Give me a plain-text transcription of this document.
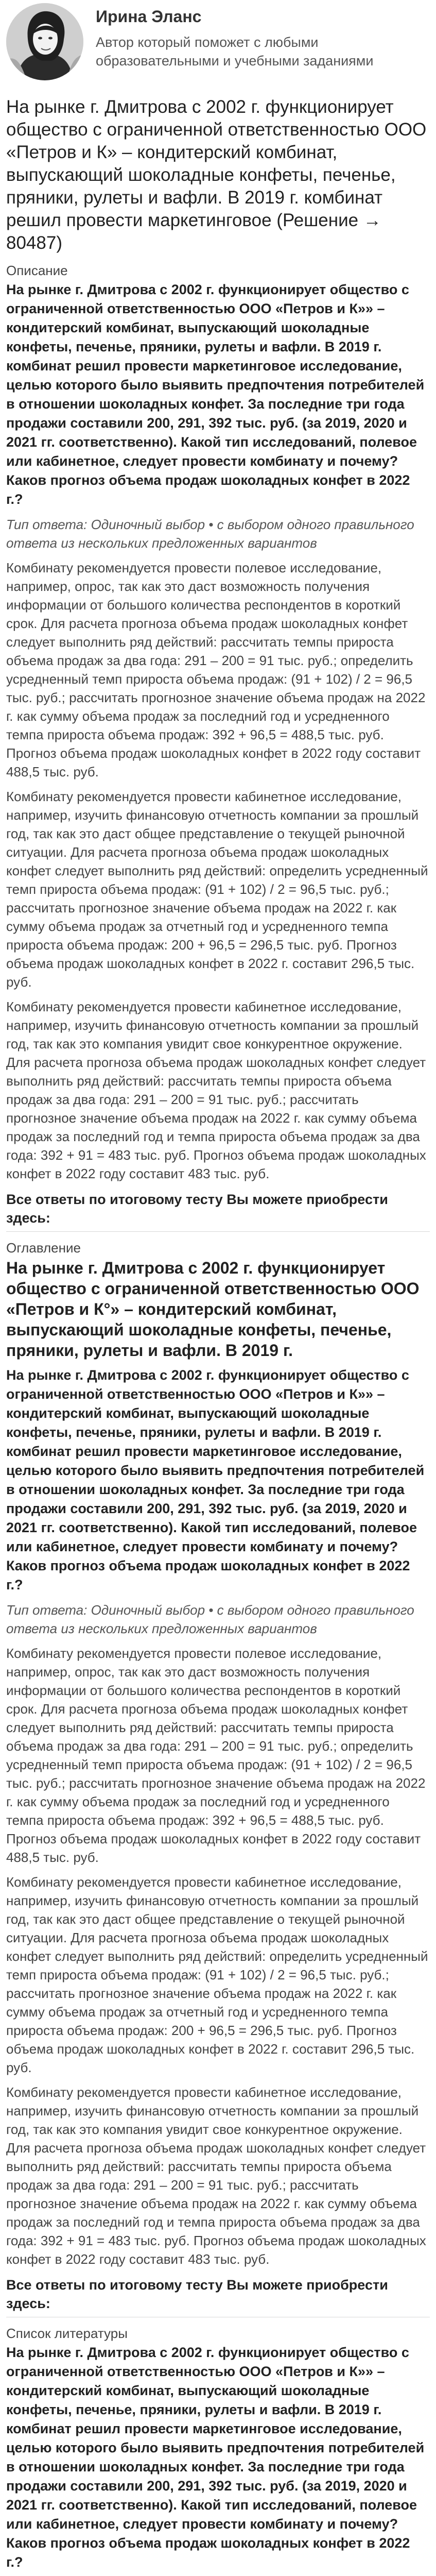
Ирина Эланс
Автор который поможет с любыми образовательными и учебными заданиями
На рынке г. Дмитрова с 2002 г. функционирует общество с ограниченной ответственностью ООО «Петров и К» – кондитерский комбинат, выпускающий шоколадные конфеты, печенье, пряники, рулеты и вафли. В 2019 г. комбинат решил провести маркетинговое (Решение → 80487)
Описание
На рынке г. Дмитрова с 2002 г. функционирует общество с ограниченной ответственностью ООО «Петров и К»» – кондитерский комбинат, выпускающий шоколадные конфеты, печенье, пряники, рулеты и вафли. В 2019 г. комбинат решил провести маркетинговое исследование, целью которого было выявить предпочтения потребителей в отношении шоколадных конфет. За последние три года продажи составили 200, 291, 392 тыс. руб. (за 2019, 2020 и 2021 гг. соответственно). Какой тип исследований, полевое или кабинетное, следует провести комбинату и почему? Каков прогноз объема продаж шоколадных конфет в 2022 г.?
Тип ответа: Одиночный выбор • с выбором одного правильного ответа из нескольких предложенных вариантов
Комбинату рекомендуется провести полевое исследование, например, опрос, так как это даст возможность получения информации от большого количества респондентов в короткий срок. Для расчета прогноза объема продаж шоколадных конфет следует выполнить ряд действий: рассчитать темпы прироста объема продаж за два года: 291 – 200 = 91 тыс. руб.; определить усредненный темп прироста объема продаж: (91 + 102) / 2 = 96,5 тыс. руб.; рассчитать прогнозное значение объема продаж на 2022 г. как сумму объема продаж за последний год и усредненного темпа прироста объема продаж: 392 + 96,5 = 488,5 тыс. руб. Прогноз объема продаж шоколадных конфет в 2022 году составит 488,5 тыс. руб.
Комбинату рекомендуется провести кабинетное исследование, например, изучить финансовую отчетность компании за прошлый год, так как это даст общее представление о текущей рыночной ситуации. Для расчета прогноза объема продаж шоколадных конфет следует выполнить ряд действий: определить усредненный темп прироста объема продаж: (91 + 102) / 2 = 96,5 тыс. руб.; рассчитать прогнозное значение объема продаж на 2022 г. как сумму объема продаж за отчетный год и усредненного темпа прироста объема продаж: 200 + 96,5 = 296,5 тыс. руб. Прогноз объема продаж шоколадных конфет в 2022 г. составит 296,5 тыс. руб.
Комбинату рекомендуется провести кабинетное исследование, например, изучить финансовую отчетность компании за прошлый год, так как это компания увидит свое конкурентное окружение. Для расчета прогноза объема продаж шоколадных конфет следует выполнить ряд действий: рассчитать темпы прироста объема продаж за два года: 291 – 200 = 91 тыс. руб.; рассчитать прогнозное значение объема продаж на 2022 г. как сумму объема продаж за последний год и темпа прироста объема продаж за два года: 392 + 91 = 483 тыс. руб. Прогноз объема продаж шоколадных конфет в 2022 году составит 483 тыс. руб.
Все ответы по итоговому тесту Вы можете приобрести здесь:
Оглавление
На рынке г. Дмитрова с 2002 г. функционирует общество с ограниченной ответственностью ООО «Петров и К°» – кондитерский комбинат, выпускающий шоколадные конфеты, печенье, пряники, рулеты и вафли. В 2019 г.
На рынке г. Дмитрова с 2002 г. функционирует общество с ограниченной ответственностью ООО «Петров и К»» – кондитерский комбинат, выпускающий шоколадные конфеты, печенье, пряники, рулеты и вафли. В 2019 г. комбинат решил провести маркетинговое исследование, целью которого было выявить предпочтения потребителей в отношении шоколадных конфет. За последние три года продажи составили 200, 291, 392 тыс. руб. (за 2019, 2020 и 2021 гг. соответственно). Какой тип исследований, полевое или кабинетное, следует провести комбинату и почему? Каков прогноз объема продаж шоколадных конфет в 2022 г.?
Тип ответа: Одиночный выбор • с выбором одного правильного ответа из нескольких предложенных вариантов
Комбинату рекомендуется провести полевое исследование, например, опрос, так как это даст возможность получения информации от большого количества респондентов в короткий срок. Для расчета прогноза объема продаж шоколадных конфет следует выполнить ряд действий: рассчитать темпы прироста объема продаж за два года: 291 – 200 = 91 тыс. руб.; определить усредненный темп прироста объема продаж: (91 + 102) / 2 = 96,5 тыс. руб.; рассчитать прогнозное значение объема продаж на 2022 г. как сумму объема продаж за последний год и усредненного темпа прироста объема продаж: 392 + 96,5 = 488,5 тыс. руб. Прогноз объема продаж шоколадных конфет в 2022 году составит 488,5 тыс. руб.
Комбинату рекомендуется провести кабинетное исследование, например, изучить финансовую отчетность компании за прошлый год, так как это даст общее представление о текущей рыночной ситуации. Для расчета прогноза объема продаж шоколадных конфет следует выполнить ряд действий: определить усредненный темп прироста объема продаж: (91 + 102) / 2 = 96,5 тыс. руб.; рассчитать прогнозное значение объема продаж на 2022 г. как сумму объема продаж за отчетный год и усредненного темпа прироста объема продаж: 200 + 96,5 = 296,5 тыс. руб. Прогноз объема продаж шоколадных конфет в 2022 г. составит 296,5 тыс. руб.
Комбинату рекомендуется провести кабинетное исследование, например, изучить финансовую отчетность компании за прошлый год, так как это компания увидит свое конкурентное окружение. Для расчета прогноза объема продаж шоколадных конфет следует выполнить ряд действий: рассчитать темпы прироста объема продаж за два года: 291 – 200 = 91 тыс. руб.; рассчитать прогнозное значение объема продаж на 2022 г. как сумму объема продаж за последний год и темпа прироста объема продаж за два года: 392 + 91 = 483 тыс. руб. Прогноз объема продаж шоколадных конфет в 2022 году составит 483 тыс. руб.
Все ответы по итоговому тесту Вы можете приобрести здесь:
Список литературы
На рынке г. Дмитрова с 2002 г. функционирует общество с ограниченной ответственностью ООО «Петров и К»» – кондитерский комбинат, выпускающий шоколадные конфеты, печенье, пряники, рулеты и вафли. В 2019 г. комбинат решил провести маркетинговое исследование, целью которого было выявить предпочтения потребителей в отношении шоколадных конфет. За последние три года продажи составили 200, 291, 392 тыс. руб. (за 2019, 2020 и 2021 гг. соответственно). Какой тип исследований, полевое или кабинетное, следует провести комбинату и почему? Каков прогноз объема продаж шоколадных конфет в 2022 г.?
